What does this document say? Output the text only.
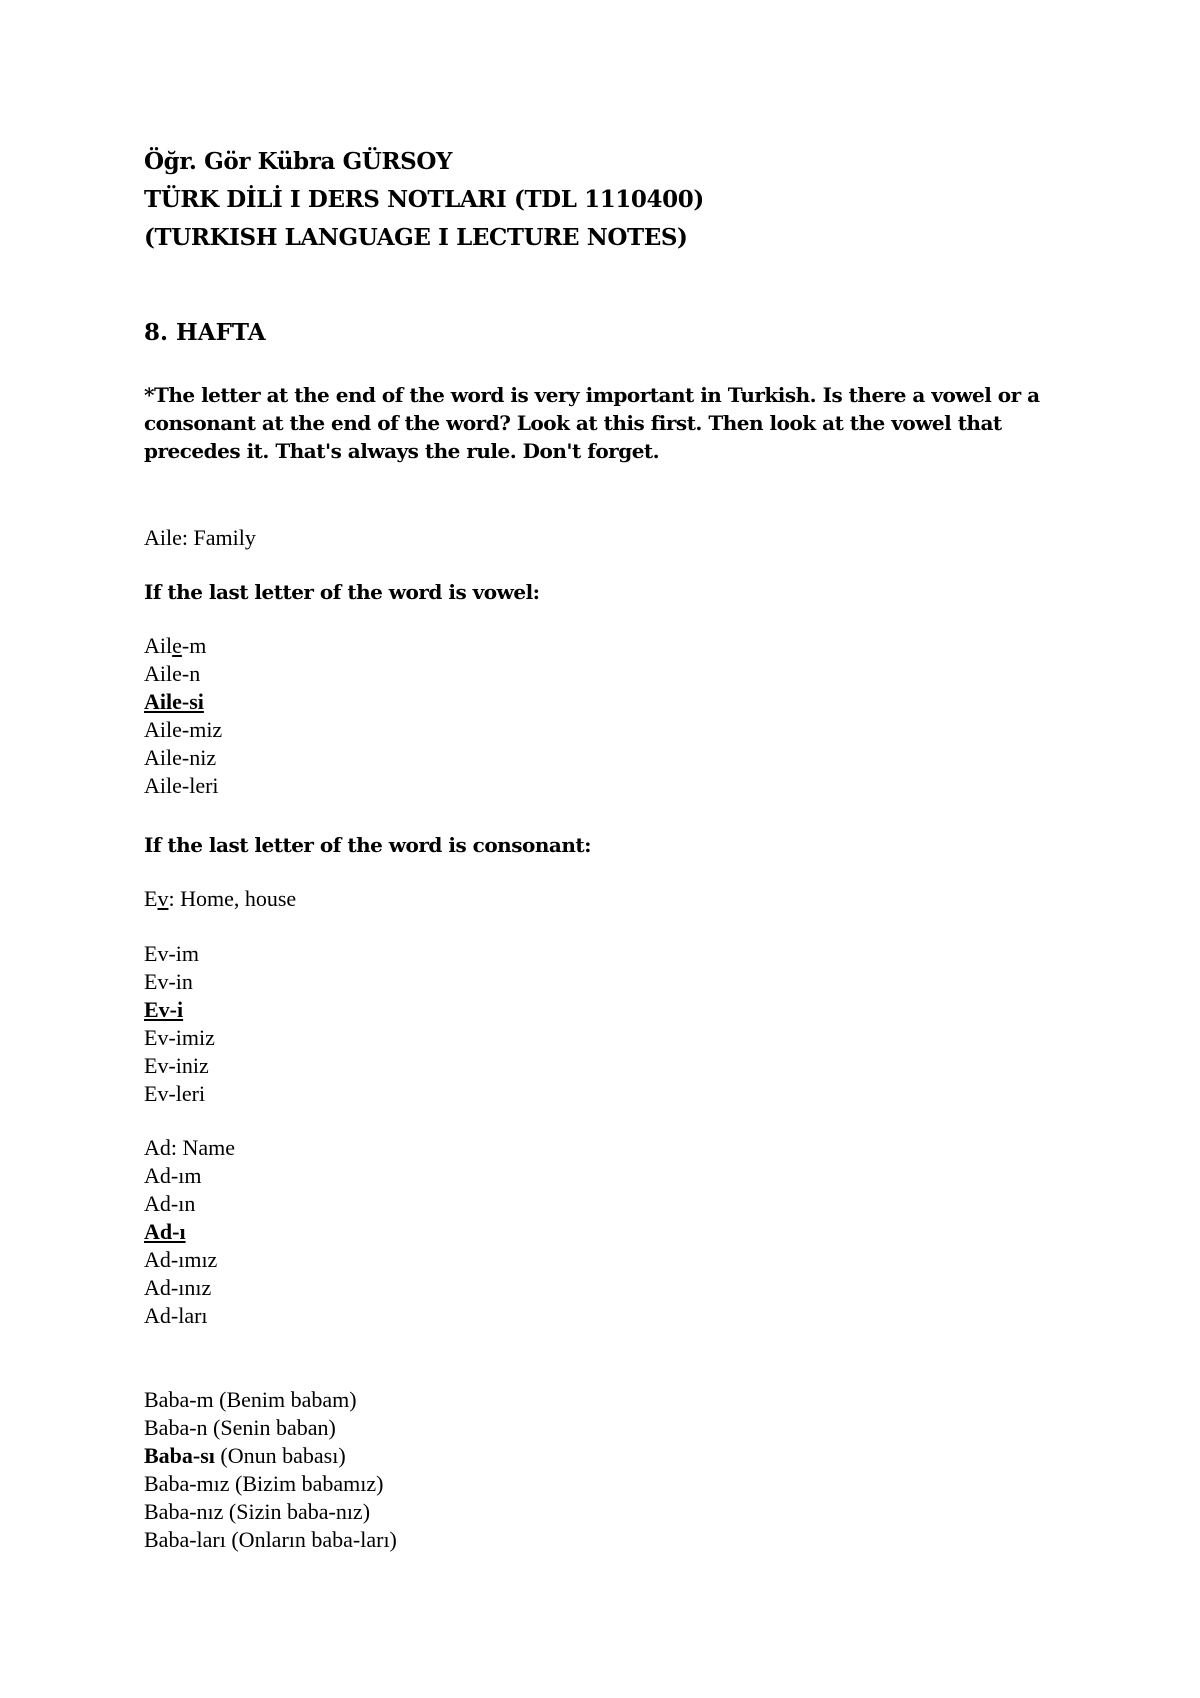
Öğr. Gör Kübra GÜRSOY
TÜRK DİLİ I DERS NOTLARI (TDL 1110400)
(TURKISH LANGUAGE I LECTURE NOTES)
8. HAFTA
*The letter at the end of the word is very important in Turkish. Is there a vowel or a
consonant at the end of the word? Look at this first. Then look at the vowel that
precedes it. That's always the rule. Don't forget.
Aile: Family
If the last letter of the word is vowel:
Aile-m
Aile-n
Aile-si
Aile-miz
Aile-niz
Aile-leri
If the last letter of the word is consonant:
Ev: Home, house
Ev-im
Ev-in
Ev-i
Ev-imiz
Ev-iniz
Ev-leri
Ad: Name
Ad-ım
Ad-ın
Ad-ı
Ad-ımız
Ad-ınız
Ad-ları
Baba-m (Benim babam)
Baba-n (Senin baban)
Baba-sı (Onun babası)
Baba-mız (Bizim babamız)
Baba-nız (Sizin baba-nız)
Baba-ları (Onların baba-ları)
